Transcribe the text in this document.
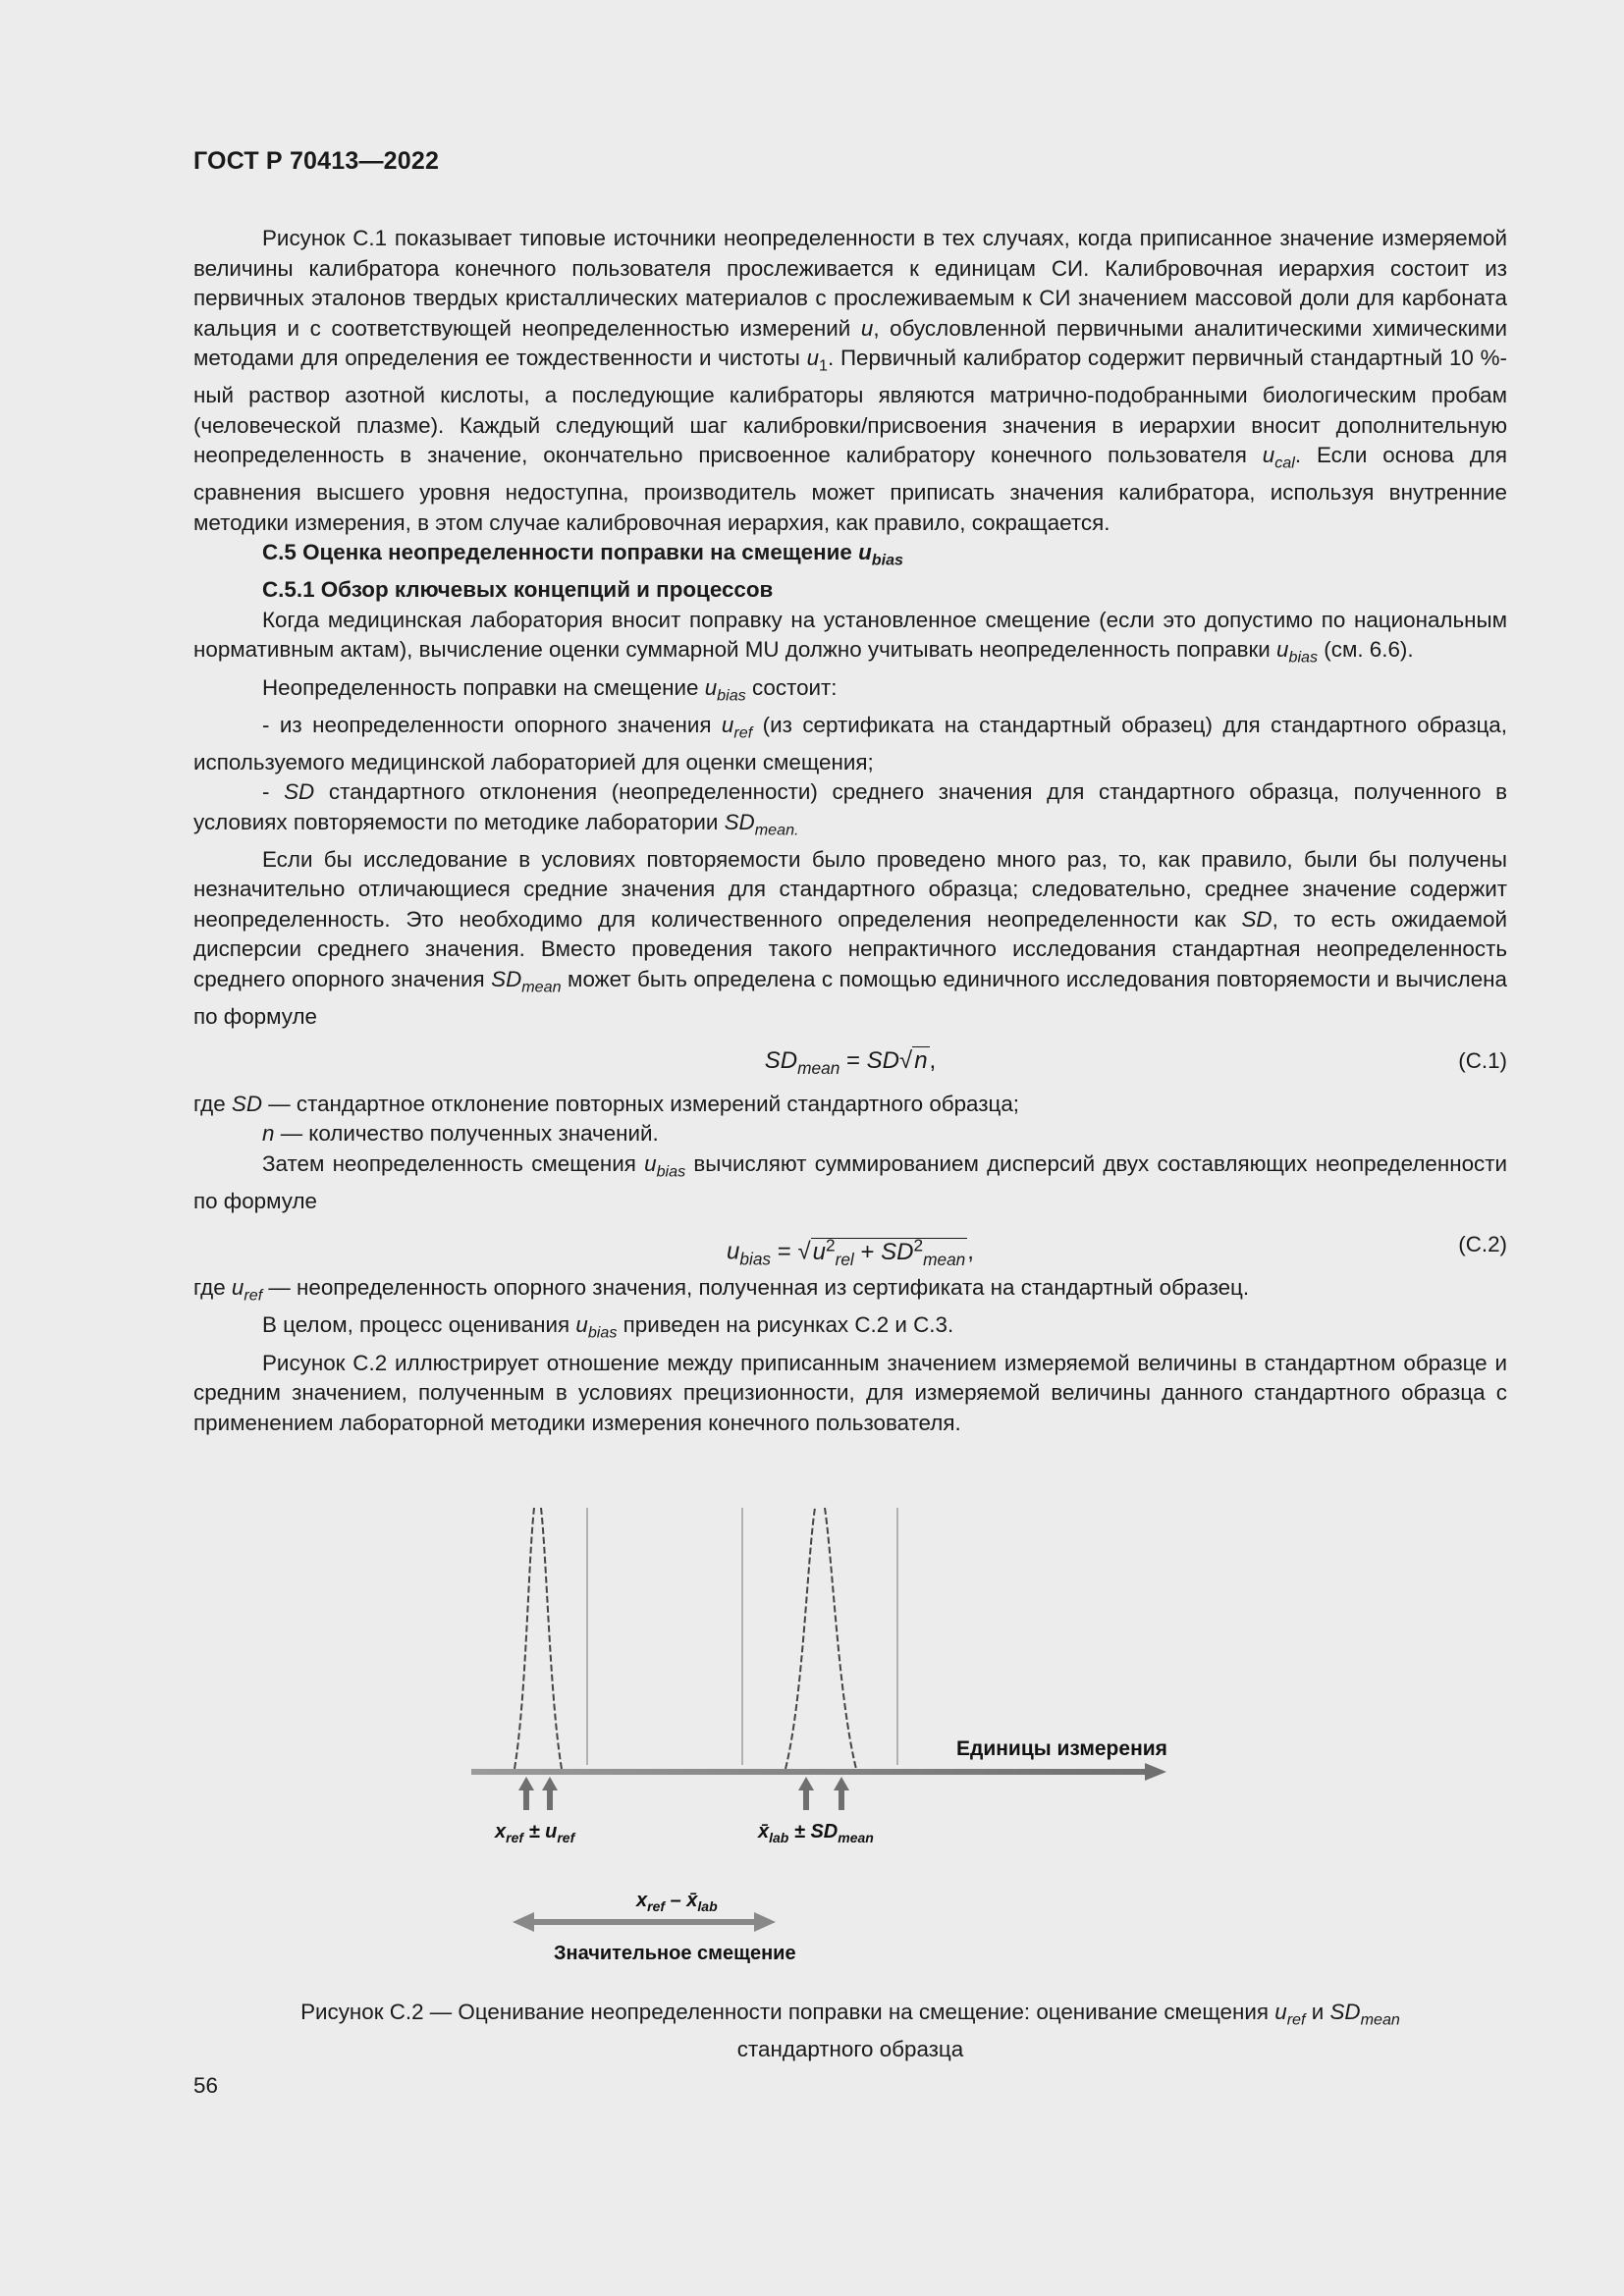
ГОСТ Р 70413—2022

Рисунок С.1 показывает типовые источники неопределенности в тех случаях, когда приписанное значение измеряемой величины калибратора конечного пользователя прослеживается к единицам СИ. Калибровочная иерархия состоит из первичных эталонов твердых кристаллических материалов с прослеживаемым к СИ значением массовой доли для карбоната кальция и с соответствующей неопределенностью измерений u, обусловленной первичными аналитическими химическими методами для определения ее тождественности и чистоты $u_1$. Первичный калибратор содержит первичный стандартный 10 %-ный раствор азотной кислоты, а последующие калибраторы являются матрично-подобранными биологическим пробам (человеческой плазме). Каждый следующий шаг калибровки/присвоения значения в иерархии вносит дополнительную неопределенность в значение, окончательно присвоенное калибратору конечного пользователя $u_{cal}$. Если основа для сравнения высшего уровня недоступна, производитель может приписать значения калибратора, используя внутренние методики измерения, в этом случае калибровочная иерархия, как правило, сокращается.

С.5 Оценка неопределенности поправки на смещение $u_{bias}$

С.5.1 Обзор ключевых концепций и процессов

Когда медицинская лаборатория вносит поправку на установленное смещение (если это допустимо по национальным нормативным актам), вычисление оценки суммарной MU должно учитывать неопределенность поправки $u_{bias}$ (см. 6.6).

Неопределенность поправки на смещение $u_{bias}$ состоит:

- из неопределенности опорного значения $u_{ref}$ (из сертификата на стандартный образец) для стандартного образца, используемого медицинской лабораторией для оценки смещения;

- SD стандартного отклонения (неопределенности) среднего значения для стандартного образца, полученного в условиях повторяемости по методике лаборатории $SD_{mean.}$

Если бы исследование в условиях повторяемости было проведено много раз, то, как правило, были бы получены незначительно отличающиеся средние значения для стандартного образца; следовательно, среднее значение содержит неопределенность. Это необходимо для количественного определения неопределенности как SD, то есть ожидаемой дисперсии среднего значения. Вместо проведения такого непрактичного исследования стандартная неопределенность среднего опорного значения $SD_{mean}$ может быть определена с помощью единичного исследования повторяемости и вычислена по формуле

$SD_{mean} = SD√n$,	(С.1)

где SD — стандартное отклонение повторных измерений стандартного образца;

n — количество полученных значений.

Затем неопределенность смещения $u_{bias}$ вычисляют суммированием дисперсий двух составляющих неопределенности по формуле

$u_{bias} = √u^2_{rel} + SD^2_{mean}$,	(С.2)

где $u_{ref}$ — неопределенность опорного значения, полученная из сертификата на стандартный образец.

В целом, процесс оценивания $u_{bias}$ приведен на рисунках С.2 и С.3.

Рисунок С.2 иллюстрирует отношение между приписанным значением измеряемой величины в стандартном образце и средним значением, полученным в условиях прецизионности, для измеряемой величины данного стандартного образца с применением лабораторной методики измерения конечного пользователя.

Единицы измерения
$x_{ref} \pm u_{ref}$	$x̄_{lab} \pm SD_{mean}$
$x_{ref}$ – $x̄_{lab}$
Значительное смещение
Рисунок С.2 — Оценивание неопределенности поправки на смещение: оценивание смещения $u_{ref}$ и $SD_{mean}$
стандартного образца
56
